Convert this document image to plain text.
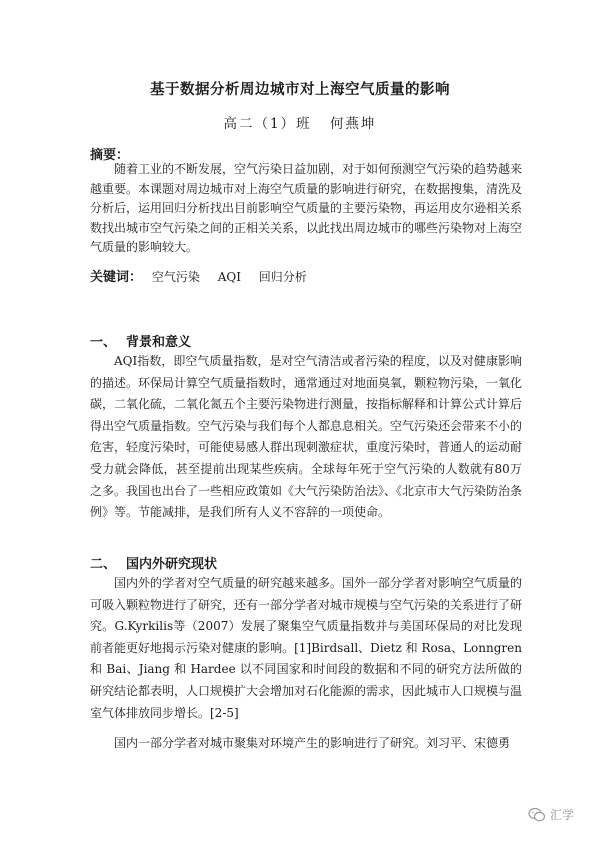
基于数据分析周边城市对上海空气质量的影响
高二（1）班 何燕坤
摘要：

随着工业的不断发展，空气污染日益加剧，对于如何预测空气污染的趋势越来越重要。本课题对周边城市对上海空气质量的影响进行研究，在数据搜集，清洗及分析后，运用回归分析找出目前影响空气质量的主要污染物，再运用皮尔逊相关系数找出城市空气污染之间的正相关关系，以此找出周边城市的哪些污染物对上海空气质量的影响较大。

关键词： 空气污染 AQI 回归分析
一、 背景和意义

AQI指数，即空气质量指数，是对空气清洁或者污染的程度，以及对健康影响的描述。环保局计算空气质量指数时，通常通过对地面臭氧，颗粒物污染，一氧化碳，二氧化硫，二氧化氮五个主要污染物进行测量，按指标解释和计算公式计算后得出空气质量指数。空气污染与我们每个人都息息相关。空气污染还会带来不小的危害，轻度污染时，可能使易感人群出现刺激症状，重度污染时，普通人的运动耐受力就会降低，甚至提前出现某些疾病。全球每年死于空气污染的人数就有80万之多。我国也出台了一些相应政策如《大气污染防治法》、《北京市大气污染防治条例》等。节能减排，是我们所有人义不容辞的一项使命。

二、 国内外研究现状

国内外的学者对空气质量的研究越来越多。国外一部分学者对影响空气质量的可吸入颗粒物进行了研究，还有一部分学者对城市规模与空气污染的关系进行了研究。G.Kyrkilis等（2007）发展了聚集空气质量指数并与美国环保局的对比发现前者能更好地揭示污染对健康的影响。[1]Birdsall、Dietz 和 Rosa、Lonngren 和 Bai、Jiang 和 Hardee 以不同国家和时间段的数据和不同的研究方法所做的研究结论都表明，人口规模扩大会增加对石化能源的需求，因此城市人口规模与温室气体排放同步增长。[2-5]

国内一部分学者对城市聚集对环境产生的影响进行了研究。刘习平、宋德勇

汇学
